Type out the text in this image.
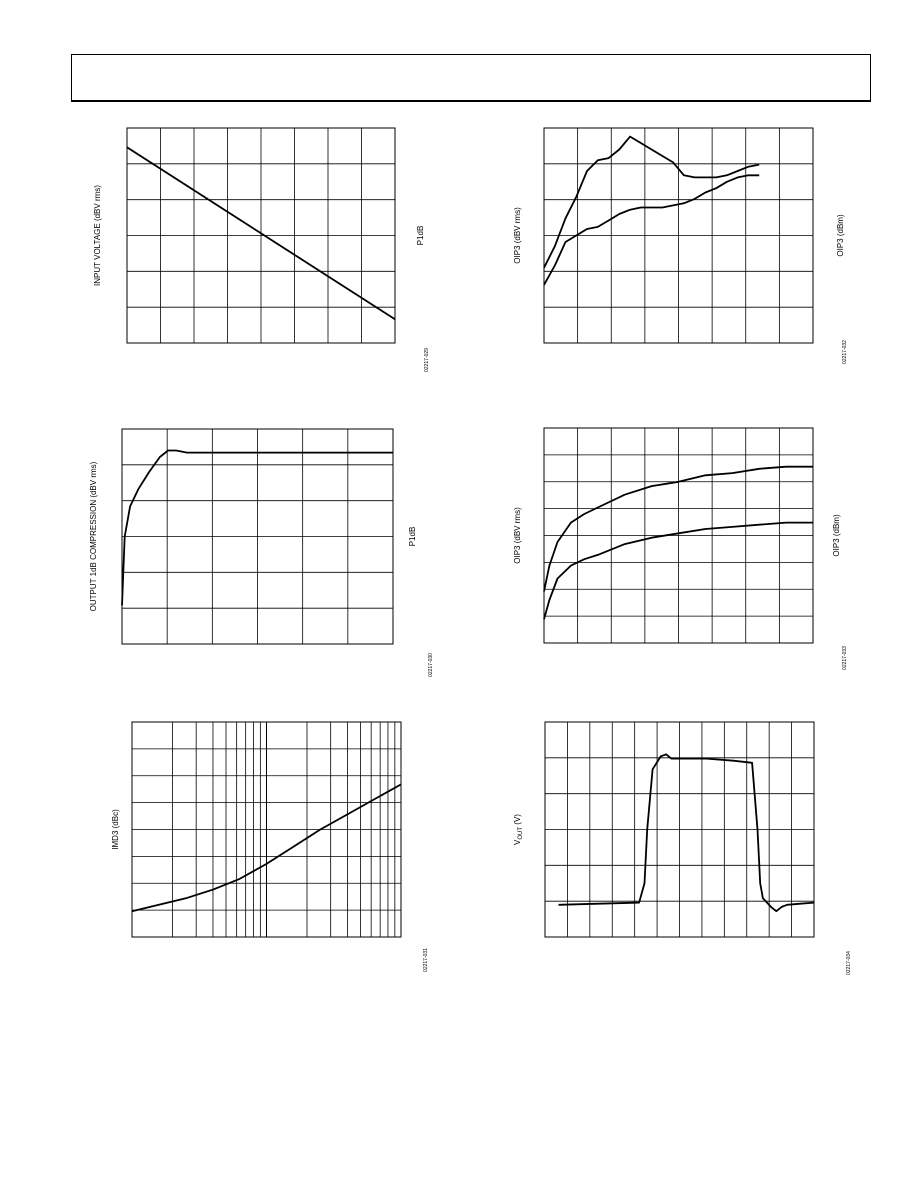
INPUT VOLTAGE (dBV rms)	P1dB
02217-029
OIP3 (dBV rms)	OIP3 (dBm)
02217-032
OUTPUT 1dB COMPRESSION (dBV rms)	P1dB
02217-030
OIP3 (dBV rms)	OIP3 (dBm)
02217-033
IMD3 (dBc)
02217-031
$V_{OUT}$ (V)
02217-034
